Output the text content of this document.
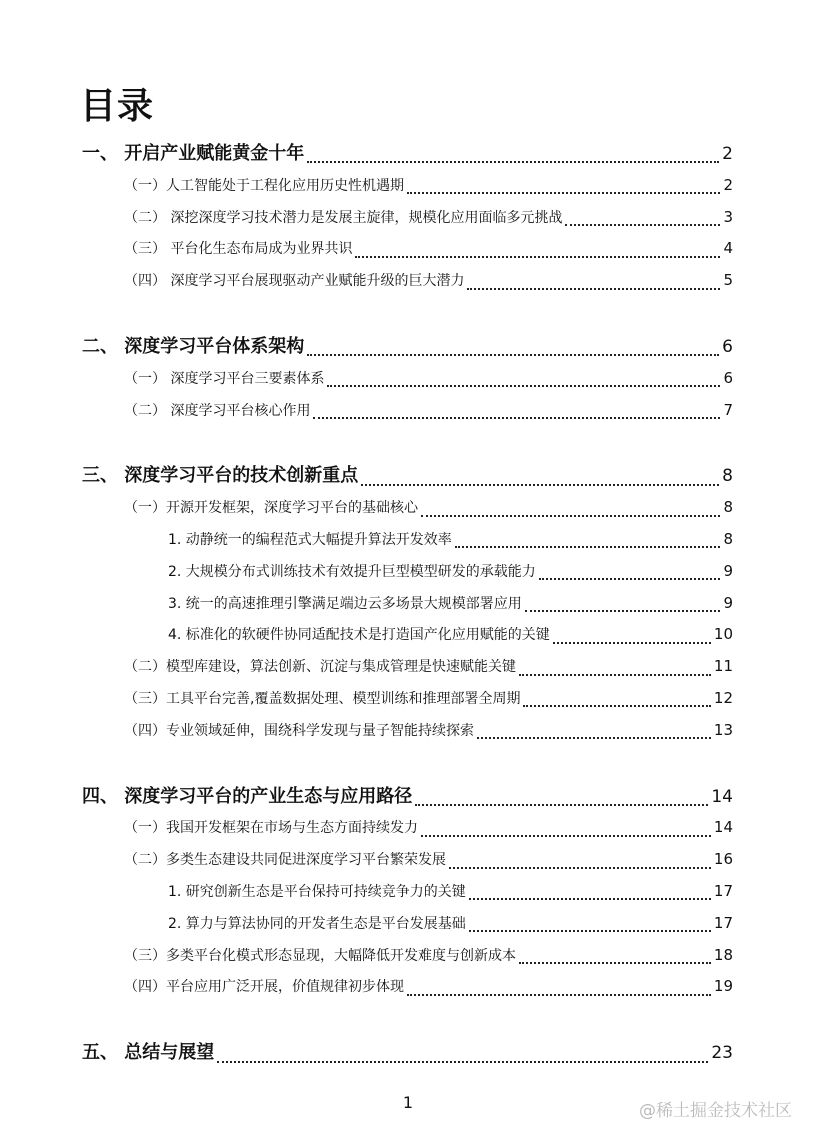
目录
一、 开启产业赋能黄金十年	2
（一）人工智能处于工程化应用历史性机遇期	2
（二） 深挖深度学习技术潜力是发展主旋律，规模化应用面临多元挑战	3
（三） 平台化生态布局成为业界共识	4
（四） 深度学习平台展现驱动产业赋能升级的巨大潜力	5
二、 深度学习平台体系架构	6
（一） 深度学习平台三要素体系	6
（二） 深度学习平台核心作用	7
三、 深度学习平台的技术创新重点	8
（一）开源开发框架，深度学习平台的基础核心	8
1. 动静统一的编程范式大幅提升算法开发效率	8
2. 大规模分布式训练技术有效提升巨型模型研发的承载能力	9
3. 统一的高速推理引擎满足端边云多场景大规模部署应用	9
4. 标准化的软硬件协同适配技术是打造国产化应用赋能的关键	10
（二）模型库建设，算法创新、沉淀与集成管理是快速赋能关键	11
（三）工具平台完善,覆盖数据处理、模型训练和推理部署全周期	12
（四）专业领域延伸，围绕科学发现与量子智能持续探索	13
四、 深度学习平台的产业生态与应用路径	14
（一）我国开发框架在市场与生态方面持续发力	14
（二）多类生态建设共同促进深度学习平台繁荣发展	16
1. 研究创新生态是平台保持可持续竞争力的关键	17
2. 算力与算法协同的开发者生态是平台发展基础	17
（三）多类平台化模式形态显现，大幅降低开发难度与创新成本	18
（四）平台应用广泛开展，价值规律初步体现	19
五、 总结与展望	23
1	@稀土掘金技术社区
